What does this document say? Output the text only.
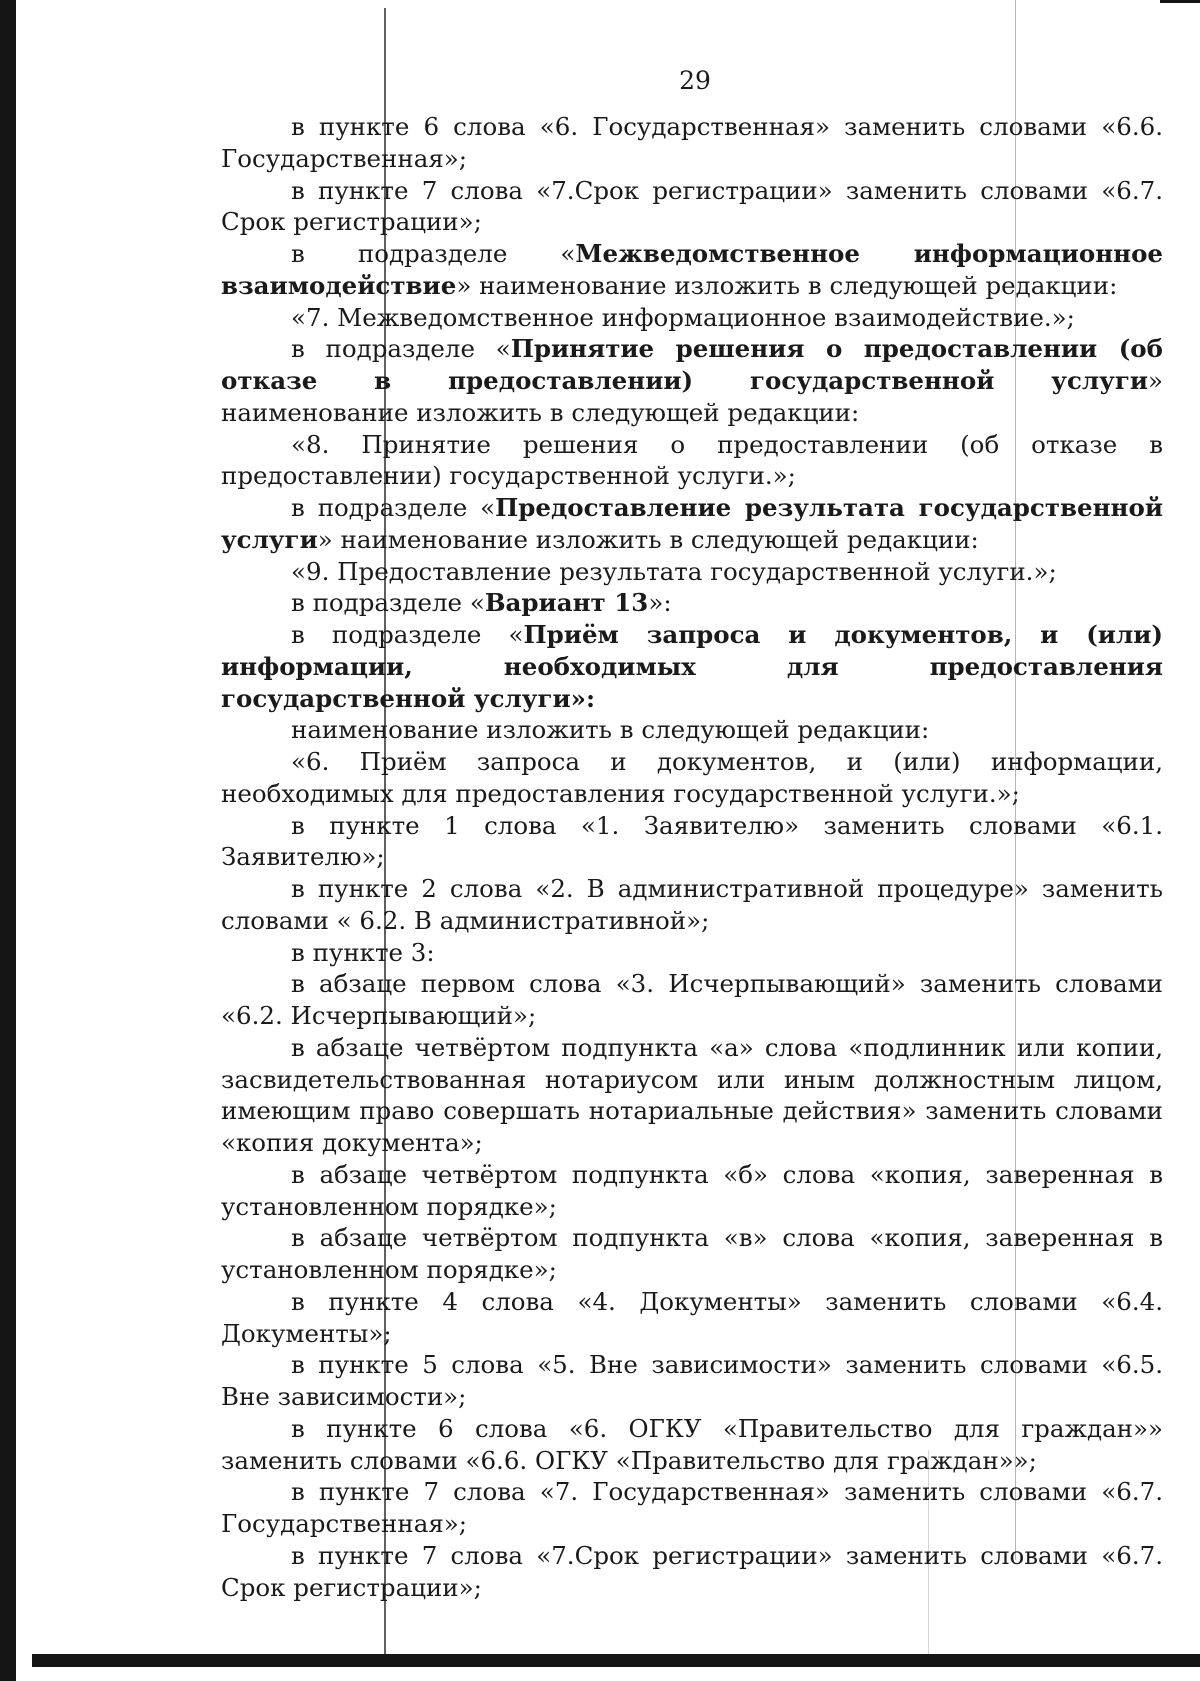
29

в пункте 6 слова «6. Государственная» заменить словами «6.6. Государственная»;

в пункте 7 слова «7.Срок регистрации» заменить словами «6.7. Срок регистрации»;

в подразделе «Межведомственное информационное взаимодействие» наименование изложить в следующей редакции:

«7. Межведомственное информационное взаимодействие.»;

в подразделе «Принятие решения о предоставлении (об отказе в предоставлении) государственной услуги» наименование изложить в следующей редакции:

«8. Принятие решения о предоставлении (об отказе в предоставлении) государственной услуги.»;

в подразделе «Предоставление результата государственной услуги» наименование изложить в следующей редакции:

«9. Предоставление результата государственной услуги.»;

в подразделе «Вариант 13»:

в подразделе «Приём запроса и документов, и (или) информации, необходимых для предоставления государственной услуги»:

наименование изложить в следующей редакции:

«6. Приём запроса и документов, и (или) информации, необходимых для предоставления государственной услуги.»;

в пункте 1 слова «1. Заявителю» заменить словами «6.1. Заявителю»;

в пункте 2 слова «2. В административной процедуре» заменить словами « 6.2. В административной»;

в пункте 3:

в абзаце первом слова «3. Исчерпывающий» заменить словами «6.2. Исчерпывающий»;

в абзаце четвёртом подпункта «а» слова «подлинник или копии, засвидетельствованная нотариусом или иным должностным лицом, имеющим право совершать нотариальные действия» заменить словами «копия документа»;

в абзаце четвёртом подпункта «б» слова «копия, заверенная в установленном порядке»;

в абзаце четвёртом подпункта «в» слова «копия, заверенная в установленном порядке»;

в пункте 4 слова «4. Документы» заменить словами «6.4. Документы»;

в пункте 5 слова «5. Вне зависимости» заменить словами «6.5. Вне зависимости»;

в пункте 6 слова «6. ОГКУ «Правительство для граждан»» заменить словами «6.6. ОГКУ «Правительство для граждан»»;

в пункте 7 слова «7. Государственная» заменить словами «6.7. Государственная»;

в пункте 7 слова «7.Срок регистрации» заменить словами «6.7. Срок регистрации»;
